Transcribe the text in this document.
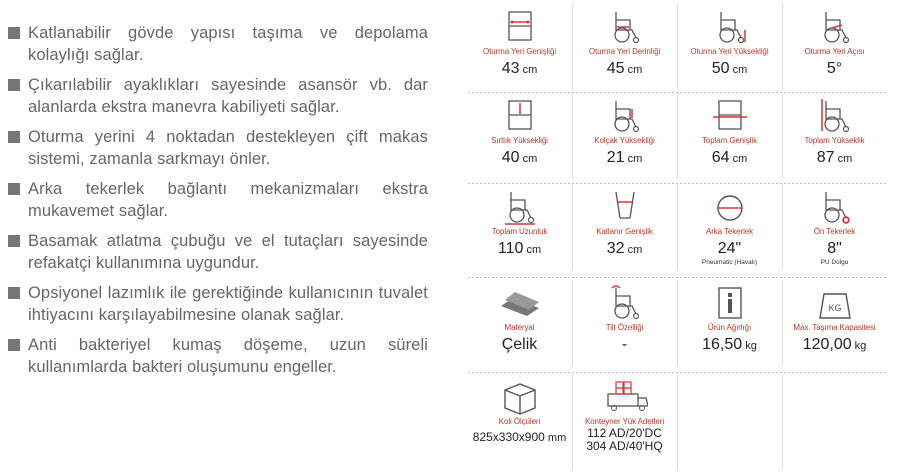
Katlanabilir gövde yapısı taşıma ve depolama kolaylığı sağlar.
Çıkarılabilir ayaklıkları sayesinde asansör vb. dar alanlarda ekstra manevra kabiliyeti sağlar.
Oturma yerini 4 noktadan destekleyen çift makas sistemi, zamanla sarkmayı önler.
Arka tekerlek bağlantı mekanizmaları ekstra mukavemet sağlar.
Basamak atlatma çubuğu ve el tutaçları sayesinde refakatçi kullanımına uygundur.
Opsiyonel lazımlık ile gerektiğinde kullanıcının tuvalet ihtiyacını karşılayabilmesine olanak sağlar.
Anti bakteriyel kumaş döşeme, uzun süreli kullanımlarda bakteri oluşumunu engeller.
Oturma Yeri Genişliği
43 cm
Oturma Yeri Derinliği
45 cm
Oturma Yeri Yüksekliği
50 cm
Oturma Yeri Açısı
5°
Sırtlık Yüksekliği
40 cm
Kolçak Yüksekliği
21 cm
Toplam Genişlik
64 cm
Toplam Yükseklik
87 cm
Toplam Uzunluk
110 cm
Katlanır Genişlik
32 cm
Arka Tekerlek
24"
Pneumatic (Havalı)
Ön Tekerlek
8"
PU Dolgu
Materyal
Çelik
Tilt Özelliği
-
Ürün Ağırlığı
16,50 kg
KG
Max. Taşıma Kapasitesi
120,00 kg
Koli Ölçüleri
825x330x900 mm
Konteyner Yük Adetleri
112 AD/20'DC
304 AD/40'HQ
